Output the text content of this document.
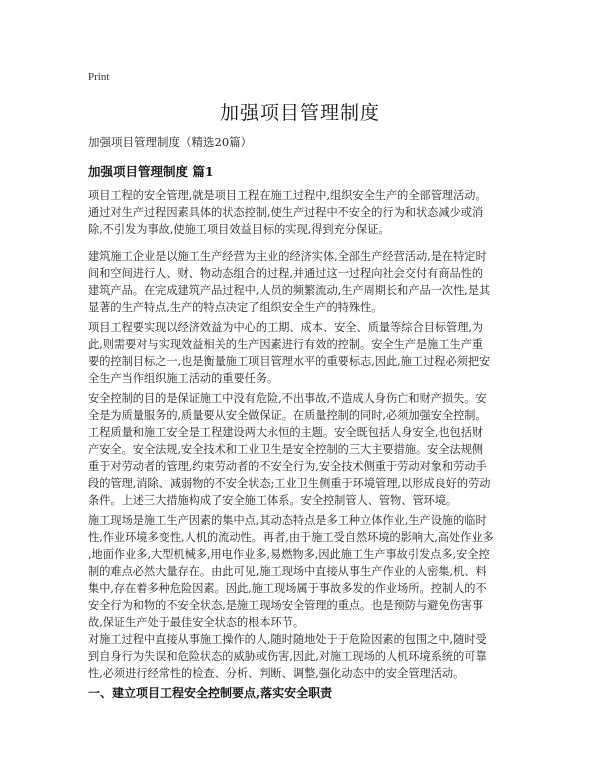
Print
加强项目管理制度
加强项目管理制度（精选20篇）
加强项目管理制度 篇1
项目工程的安全管理,就是项目工程在施工过程中,组织安全生产的全部管理活动。
通过对生产过程因素具体的状态控制,使生产过程中不安全的行为和状态减少或消
除,不引发为事故,使施工项目效益目标的实现,得到充分保证。
建筑施工企业是以施工生产经营为主业的经济实体,全部生产经营活动,是在特定时
间和空间进行人、财、物动态组合的过程,并通过这一过程向社会交付有商品性的
建筑产品。在完成建筑产品过程中,人员的频繁流动,生产周期长和产品一次性,是其
显著的生产特点,生产的特点决定了组织安全生产的特殊性。
项目工程要实现以经济效益为中心的工期、成本、安全、质量等综合目标管理,为
此,则需要对与实现效益相关的生产因素进行有效的控制。安全生产是施工生产重
要的控制目标之一,也是衡量施工项目管理水平的重要标志,因此,施工过程必须把安
全生产当作组织施工活动的重要任务。
安全控制的目的是保证施工中没有危险,不出事故,不造成人身伤亡和财产损失。安
全是为质量服务的,质量要从安全做保证。在质量控制的同时,必须加强安全控制。
工程质量和施工安全是工程建设两大永恒的主题。安全既包括人身安全,也包括财
产安全。安全法规,安全技术和工业卫生是安全控制的三大主要措施。安全法规侧
重于对劳动者的管理,约束劳动者的不安全行为,安全技术侧重于劳动对象和劳动手
段的管理,消除、减弱物的不安全状态;工业卫生侧重于环境管理,以形成良好的劳动
条件。上述三大措施构成了安全施工体系。安全控制管人、管物、管环境。
施工现场是施工生产因素的集中点,其动态特点是多工种立体作业,生产设施的临时
性,作业环境多变性,人机的流动性。再者,由于施工受自然环境的影响大,高处作业多
,地面作业多,大型机械多,用电作业多,易燃物多,因此施工生产事故引发点多,安全控
制的难点必然大量存在。由此可见,施工现场中直接从事生产作业的人密集,机、料
集中,存在着多种危险因素。因此,施工现场属于事故多发的作业场所。控制人的不
安全行为和物的不安全状态,是施工现场安全管理的重点。也是预防与避免伤害事
故,保证生产处于最佳安全状态的根本环节。
对施工过程中直接从事施工操作的人,随时随地处于于危险因素的包围之中,随时受
到自身行为失误和危险状态的威胁或伤害,因此,对施工现场的人机环境系统的可靠
性,必须进行经常性的检查、分析、判断、调整,强化动态中的安全管理活动。
一、建立项目工程安全控制要点,落实安全职责
